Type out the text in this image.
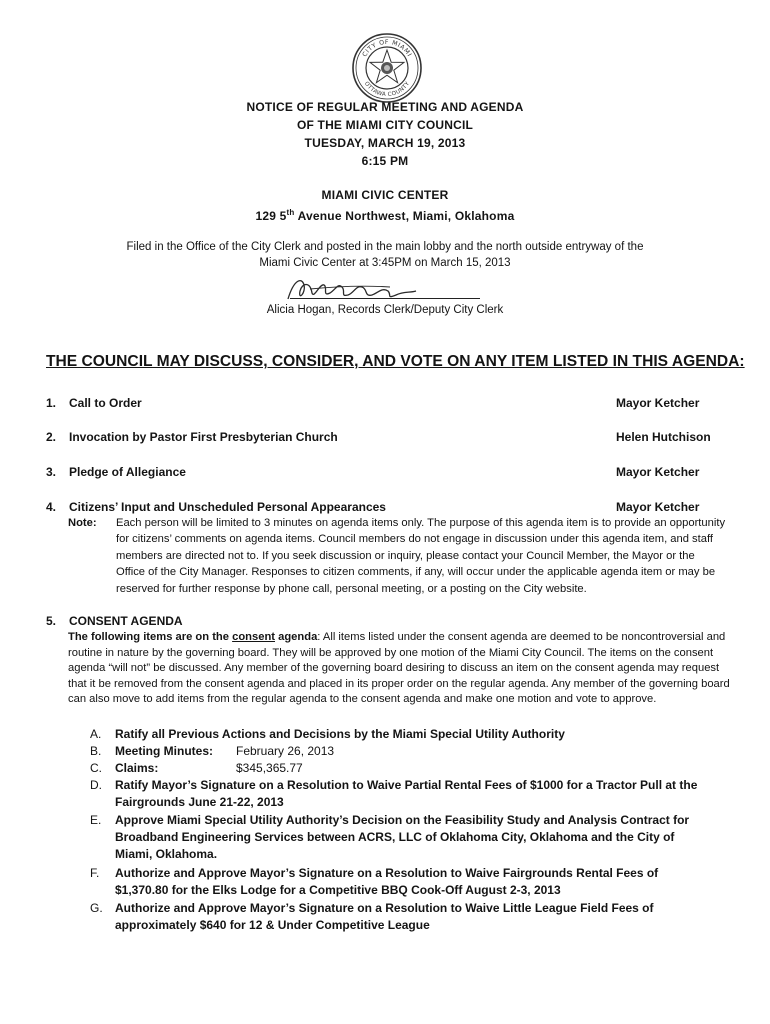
CITY OF MIAMI
OTTAWA COUNTY
NOTICE OF REGULAR MEETING AND AGENDA
OF THE MIAMI CITY COUNCIL
TUESDAY, MARCH 19, 2013
6:15 PM
MIAMI CIVIC CENTER
129 5th Avenue Northwest, Miami, Oklahoma
Filed in the Office of the City Clerk and posted in the main lobby and the north outside entryway of the
Miami Civic Center at 3:45PM on March 15, 2013
Alicia Hogan, Records Clerk/Deputy City Clerk
THE COUNCIL MAY DISCUSS, CONSIDER, AND VOTE ON ANY ITEM LISTED IN THIS AGENDA:
1. Call to Order	Mayor Ketcher
2. Invocation by Pastor First Presbyterian Church	Helen Hutchison
3. Pledge of Allegiance	Mayor Ketcher
4. Citizens’ Input and Unscheduled Personal Appearances	Mayor Ketcher
Note: Each person will be limited to 3 minutes on agenda items only. The purpose of this agenda item is to provide an opportunity for citizens’ comments on agenda items. Council members do not engage in discussion under this agenda item, and staff members are directed not to. If you seek discussion or inquiry, please contact your Council Member, the Mayor or the Office of the City Manager. Responses to citizen comments, if any, will occur under the applicable agenda item or may be reserved for further response by phone call, personal meeting, or a posting on the City website.
5. CONSENT AGENDA
The following items are on the consent agenda: All items listed under the consent agenda are deemed to be noncontroversial and routine in nature by the governing board. They will be approved by one motion of the Miami City Council. The items on the consent agenda “will not” be discussed. Any member of the governing board desiring to discuss an item on the consent agenda may request that it be removed from the consent agenda and placed in its proper order on the regular agenda. Any member of the governing board can also move to add items from the regular agenda to the consent agenda and make one motion and vote to approve.
A.	Ratify all Previous Actions and Decisions by the Miami Special Utility Authority
B.	Meeting Minutes: February 26, 2013
C.	Claims:	$345,365.77
D.	Ratify Mayor’s Signature on a Resolution to Waive Partial Rental Fees of $1000 for a Tractor Pull at the Fairgrounds June 21-22, 2013
E.	Approve Miami Special Utility Authority’s Decision on the Feasibility Study and Analysis Contract for Broadband Engineering Services between ACRS, LLC of Oklahoma City, Oklahoma and the City of Miami, Oklahoma.
F.	Authorize and Approve Mayor’s Signature on a Resolution to Waive Fairgrounds Rental Fees of $1,370.80 for the Elks Lodge for a Competitive BBQ Cook-Off August 2-3, 2013
G.	Authorize and Approve Mayor’s Signature on a Resolution to Waive Little League Field Fees of approximately $640 for 12 & Under Competitive League
